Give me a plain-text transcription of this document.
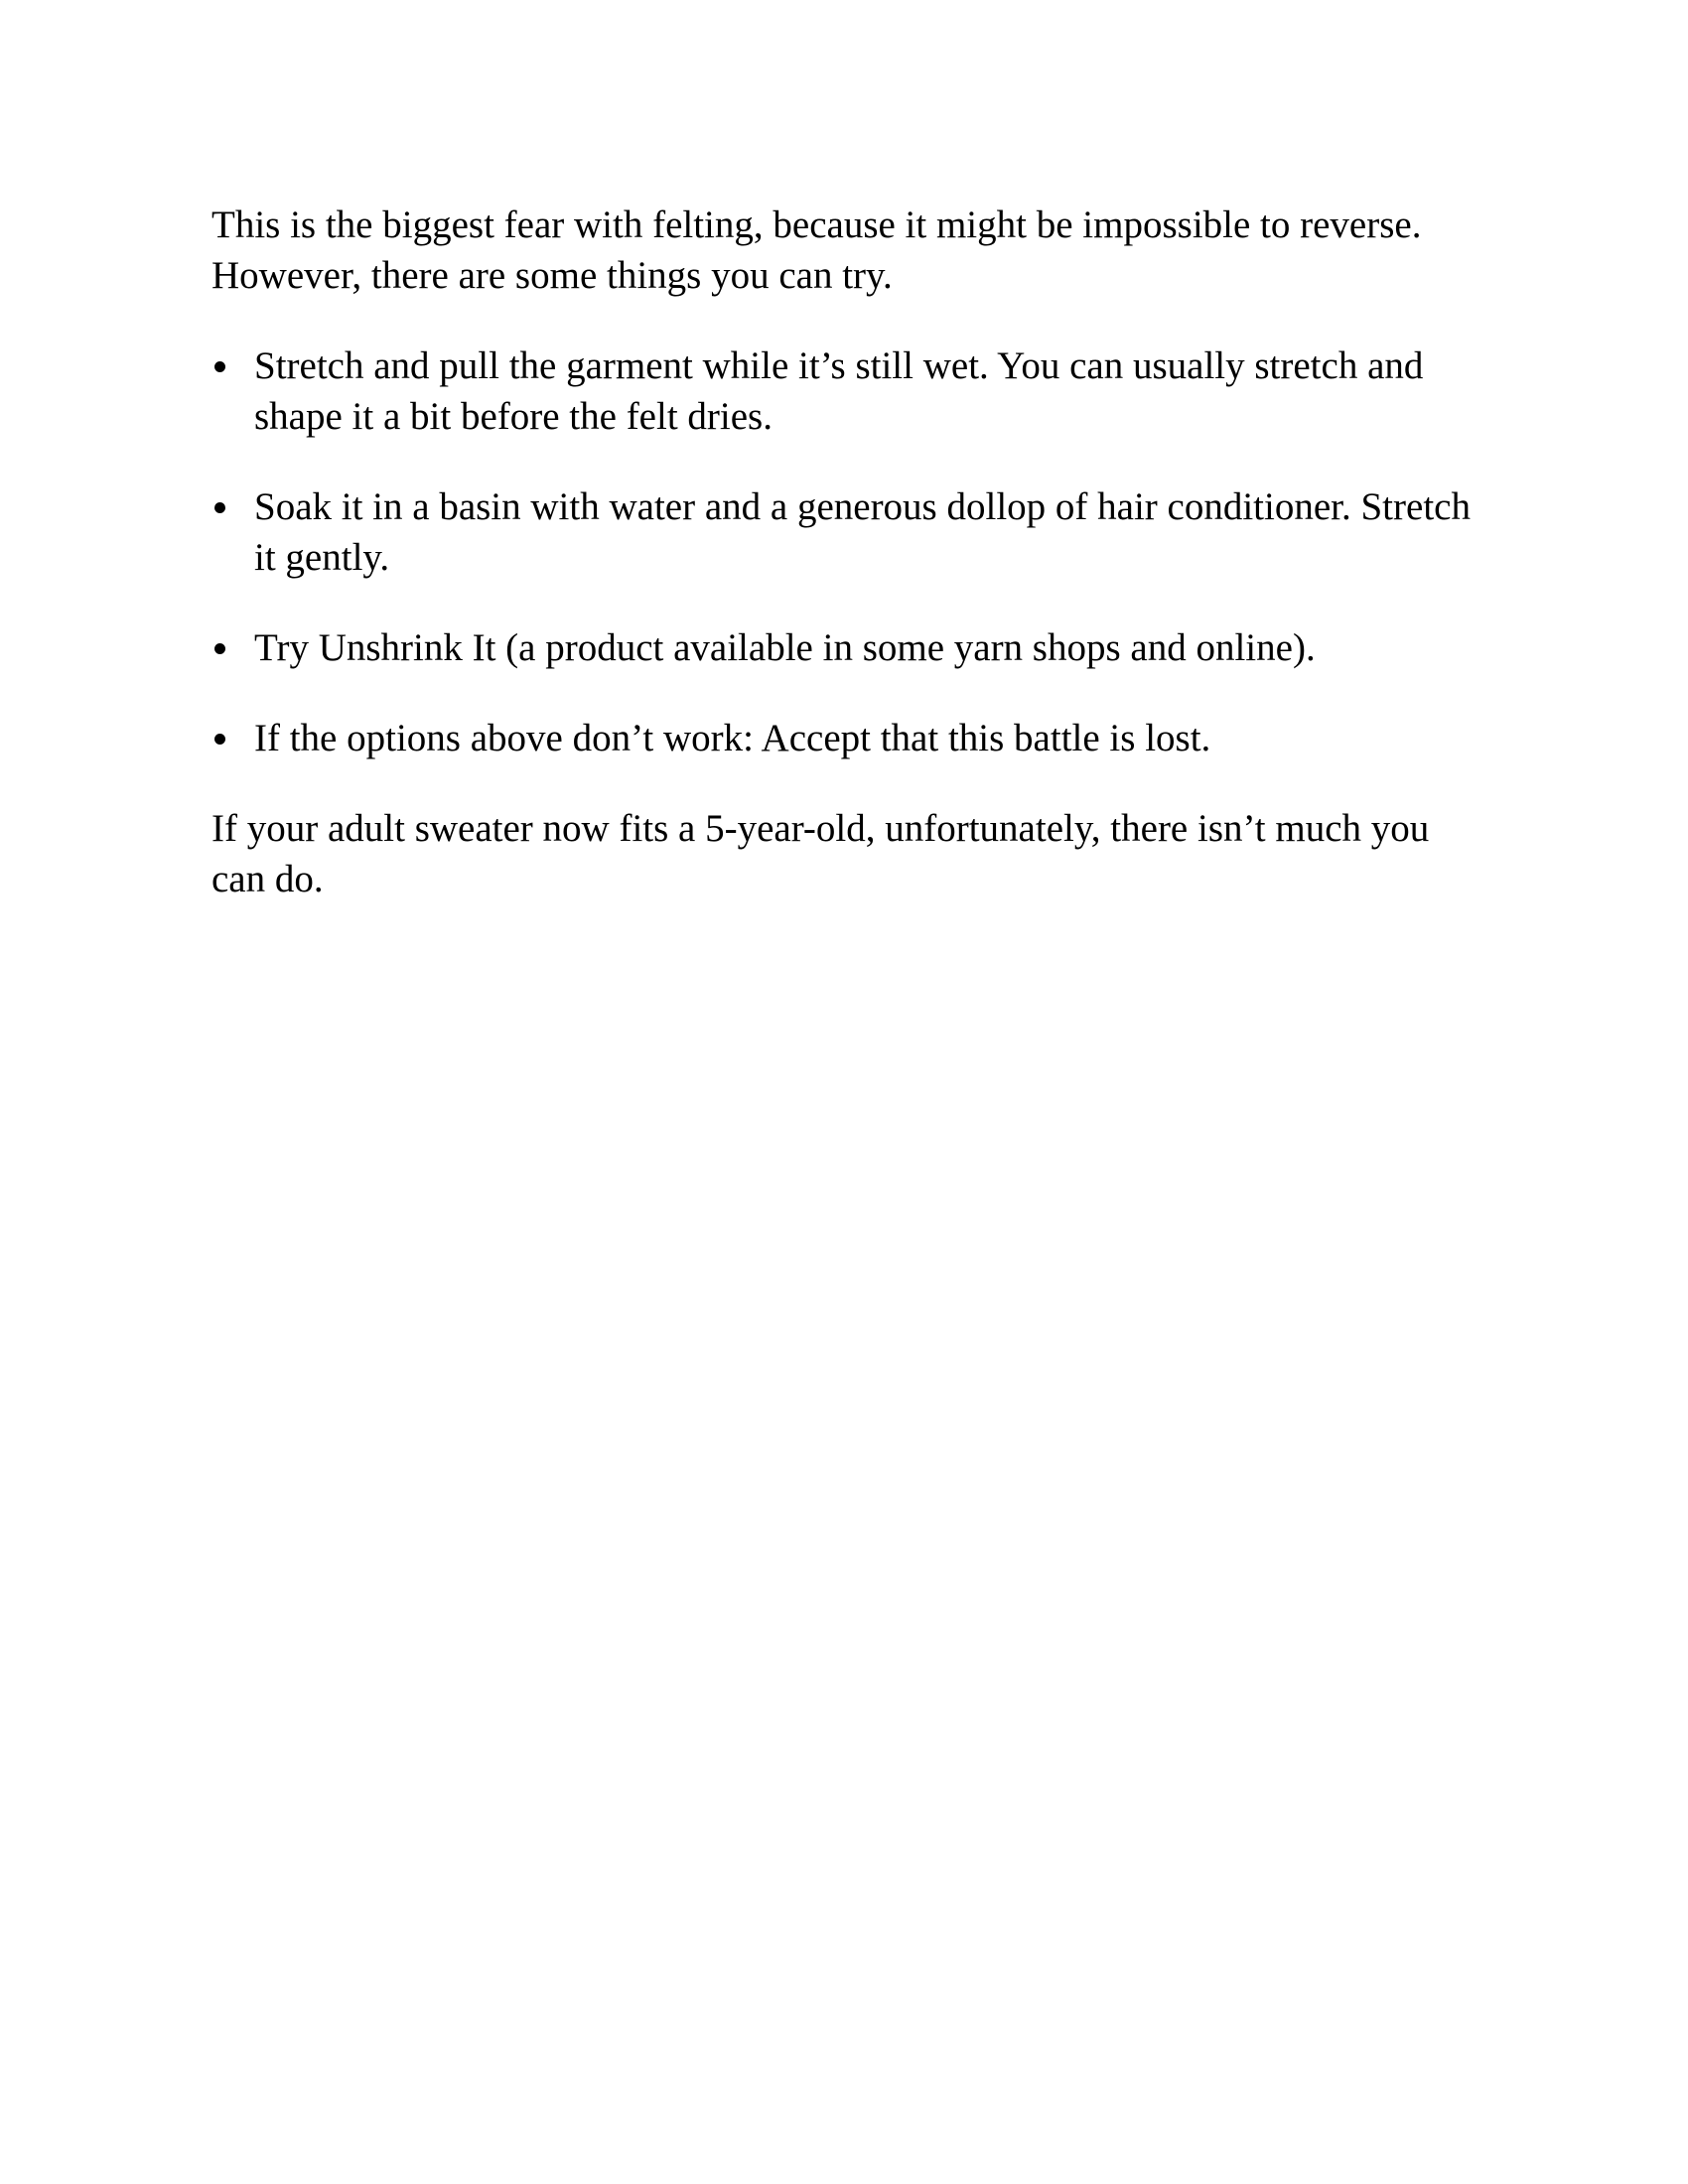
This is the biggest fear with felting, because it might be impossible to reverse. However, there are some things you can try.

Stretch and pull the garment while it’s still wet. You can usually stretch and shape it a bit before the felt dries.
Soak it in a basin with water and a generous dollop of hair conditioner. Stretch it gently.
Try Unshrink It (a product available in some yarn shops and online).
If the options above don’t work: Accept that this battle is lost.

If your adult sweater now fits a 5-year-old, unfortunately, there isn’t much you can do.
